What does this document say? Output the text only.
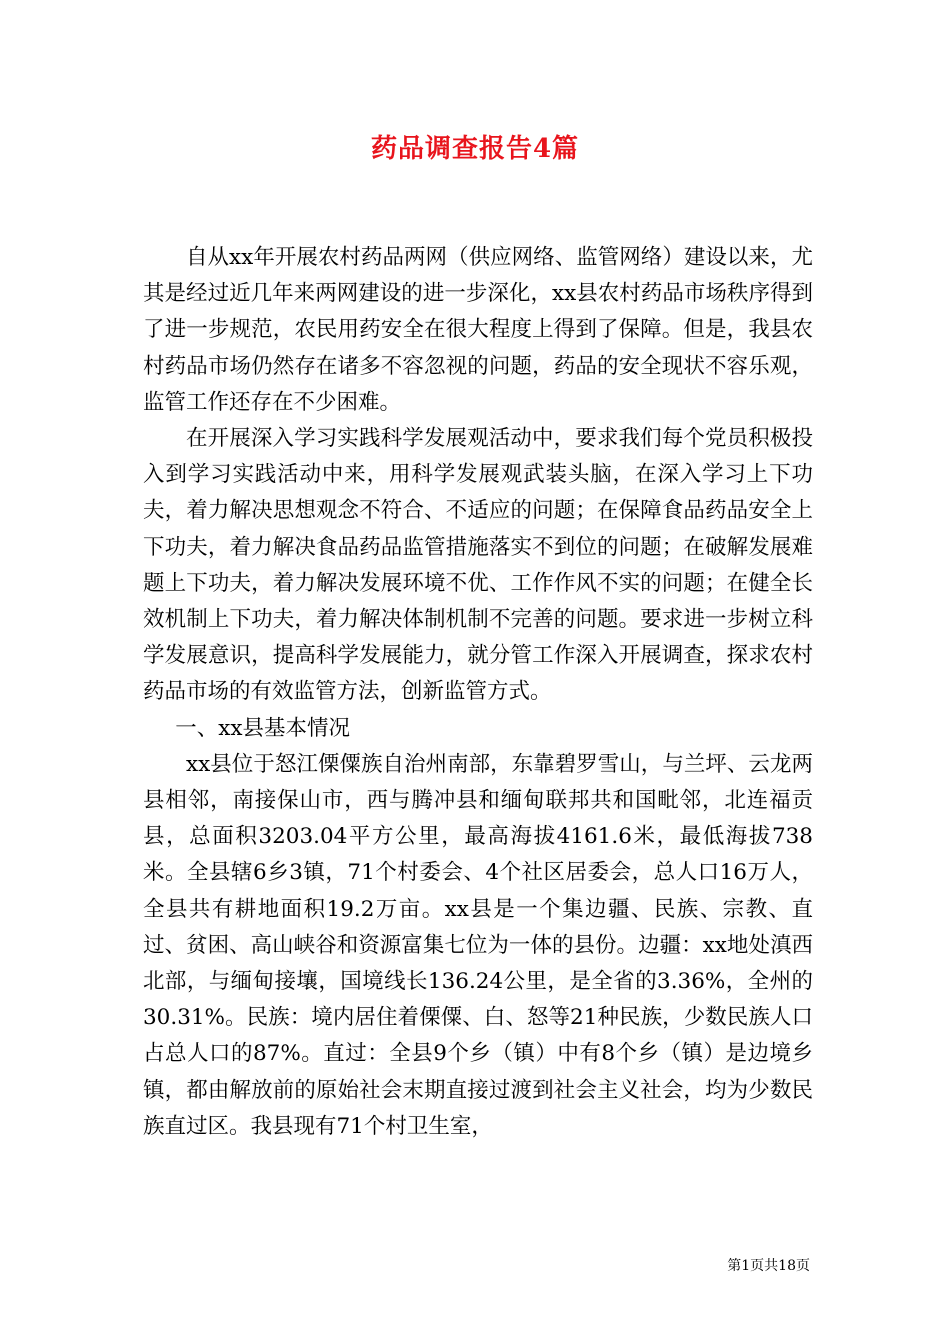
药品调查报告4篇

自从xx年开展农村药品两网（供应网络、监管网络）建设以来，尤其是经过近几年来两网建设的进一步深化，xx县农村药品市场秩序得到了进一步规范，农民用药安全在很大程度上得到了保障。但是，我县农村药品市场仍然存在诸多不容忽视的问题，药品的安全现状不容乐观，监管工作还存在不少困难。

在开展深入学习实践科学发展观活动中，要求我们每个党员积极投入到学习实践活动中来，用科学发展观武装头脑，在深入学习上下功夫，着力解决思想观念不符合、不适应的问题；在保障食品药品安全上下功夫，着力解决食品药品监管措施落实不到位的问题；在破解发展难题上下功夫，着力解决发展环境不优、工作作风不实的问题；在健全长效机制上下功夫，着力解决体制机制不完善的问题。要求进一步树立科学发展意识，提高科学发展能力，就分管工作深入开展调查，探求农村药品市场的有效监管方法，创新监管方式。

一、xx县基本情况

xx县位于怒江傈僳族自治州南部，东靠碧罗雪山，与兰坪、云龙两县相邻，南接保山市，西与腾冲县和缅甸联邦共和国毗邻，北连福贡县，总面积3203.04平方公里，最高海拔4161.6米，最低海拔738米。全县辖6乡3镇，71个村委会、4个社区居委会，总人口16万人，全县共有耕地面积19.2万亩。xx县是一个集边疆、民族、宗教、直过、贫困、高山峡谷和资源富集七位为一体的县份。边疆：xx地处滇西北部，与缅甸接壤，国境线长136.24公里，是全省的3.36%，全州的30.31%。民族：境内居住着傈僳、白、怒等21种民族，少数民族人口占总人口的87%。直过：全县9个乡（镇）中有8个乡（镇）是边境乡镇，都由解放前的原始社会末期直接过渡到社会主义社会，均为少数民族直过区。我县现有71个村卫生室，

第1页共18页
